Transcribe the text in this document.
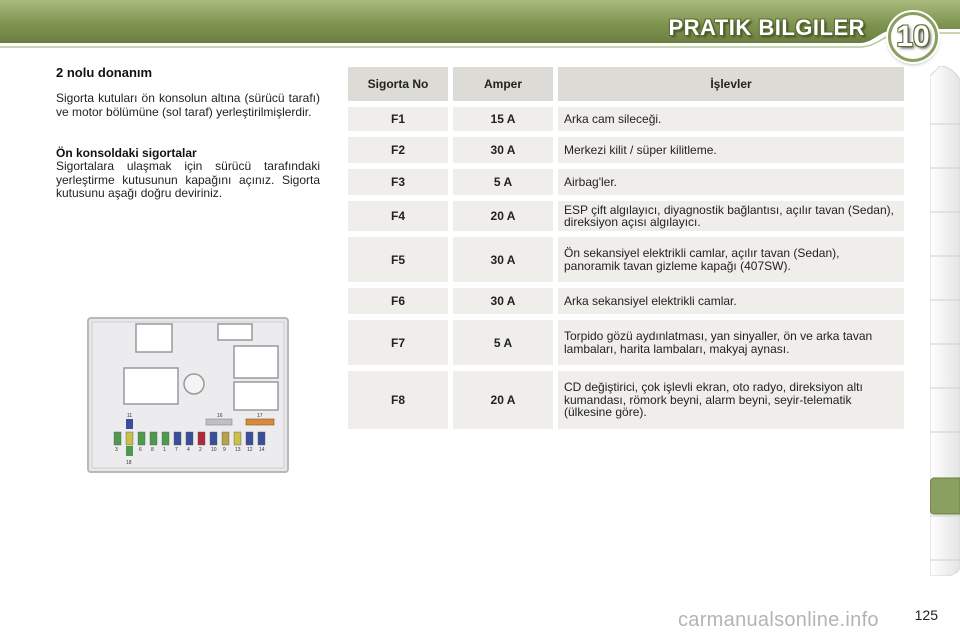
PRATIK BILGILER 10
2 nolu donanım
Sigorta kutuları ön konsolun altına (sürücü tarafı) ve motor bölümüne (sol taraf) yerleştirilmişlerdir.
Ön konsoldaki sigortalar
Sigortalara ulaşmak için sürücü tarafındaki yerleştirme kutusunun kapağını açınız. Sigorta kutusunu aşağı doğru deviriniz.
11	16	17
3	6 8 1 7 4 2 10 9 13 12 14
18
Sigorta No	Amper	İşlevler
F1	15 A	Arka cam sileceği.
F2	30 A	Merkezi kilit / süper kilitleme.
F3	5 A	Airbag'ler.
F4	20 A	ESP çift algılayıcı, diyagnostik bağlantısı, açılır tavan (Sedan), direksiyon açısı algılayıcı.
F5	30 A	Ön sekansiyel elektrikli camlar, açılır tavan (Sedan), panoramik tavan gizleme kapağı (407SW).
F6	30 A	Arka sekansiyel elektrikli camlar.
F7	5 A	Torpido gözü aydınlatması, yan sinyaller, ön ve arka tavan lambaları, harita lambaları, makyaj aynası.
F8	20 A	CD değiştirici, çok işlevli ekran, oto radyo, direksiyon altı kumandası, römork beyni, alarm beyni, seyir-telematik (ülkesine göre).
125
carmanualsonline.info
